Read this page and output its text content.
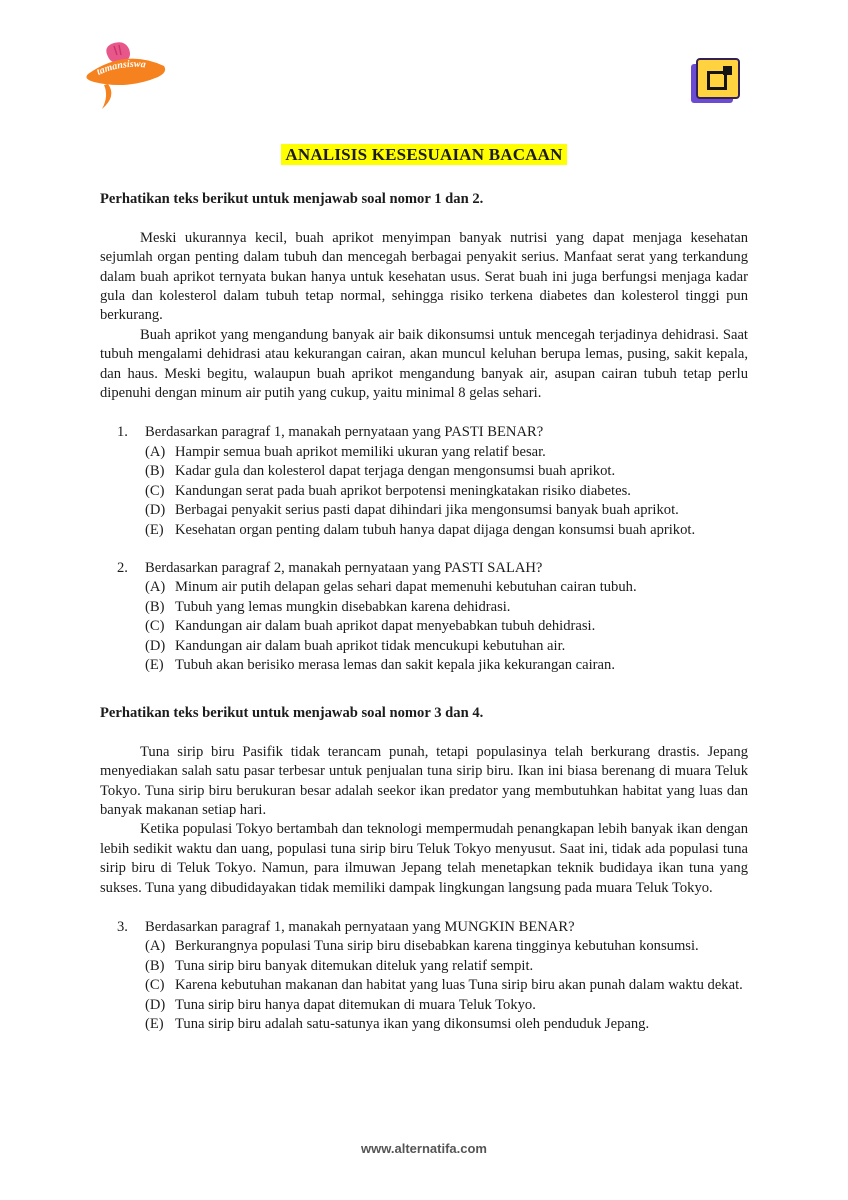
tamansiswa
ANALISIS KESESUAIAN BACAAN

Perhatikan teks berikut untuk menjawab soal nomor 1 dan 2.

Meski ukurannya kecil, buah aprikot menyimpan banyak nutrisi yang dapat menjaga kesehatan sejumlah organ penting dalam tubuh dan mencegah berbagai penyakit serius. Manfaat serat yang terkandung dalam buah aprikot ternyata bukan hanya untuk kesehatan usus. Serat buah ini juga berfungsi menjaga kadar gula dan kolesterol dalam tubuh tetap normal, sehingga risiko terkena diabetes dan kolesterol tinggi pun berkurang.

Buah aprikot yang mengandung banyak air baik dikonsumsi untuk mencegah terjadinya dehidrasi. Saat tubuh mengalami dehidrasi atau kekurangan cairan, akan muncul keluhan berupa lemas, pusing, sakit kepala, dan haus. Meski begitu, walaupun buah aprikot mengandung banyak air, asupan cairan tubuh tetap perlu dipenuhi dengan minum air putih yang cukup, yaitu minimal 8 gelas sehari.

1.	Berdasarkan paragraf 1, manakah pernyataan yang PASTI BENAR?

(A) Hampir semua buah aprikot memiliki ukuran yang relatif besar.
(B) Kadar gula dan kolesterol dapat terjaga dengan mengonsumsi buah aprikot.
(C) Kandungan serat pada buah aprikot berpotensi meningkatakan risiko diabetes.
(D) Berbagai penyakit serius pasti dapat dihindari jika mengonsumsi banyak buah aprikot.
(E) Kesehatan organ penting dalam tubuh hanya dapat dijaga dengan konsumsi buah aprikot.
2.	Berdasarkan paragraf 2, manakah pernyataan yang PASTI SALAH?

(A) Minum air putih delapan gelas sehari dapat memenuhi kebutuhan cairan tubuh.
(B) Tubuh yang lemas mungkin disebabkan karena dehidrasi.
(C) Kandungan air dalam buah aprikot dapat menyebabkan tubuh dehidrasi.
(D) Kandungan air dalam buah aprikot tidak mencukupi kebutuhan air.
(E) Tubuh akan berisiko merasa lemas dan sakit kepala jika kekurangan cairan.

Perhatikan teks berikut untuk menjawab soal nomor 3 dan 4.

Tuna sirip biru Pasifik tidak terancam punah, tetapi populasinya telah berkurang drastis. Jepang menyediakan salah satu pasar terbesar untuk penjualan tuna sirip biru. Ikan ini biasa berenang di muara Teluk Tokyo. Tuna sirip biru berukuran besar adalah seekor ikan predator yang membutuhkan habitat yang luas dan banyak makanan setiap hari.

Ketika populasi Tokyo bertambah dan teknologi mempermudah penangkapan lebih banyak ikan dengan lebih sedikit waktu dan uang, populasi tuna sirip biru Teluk Tokyo menyusut. Saat ini, tidak ada populasi tuna sirip biru di Teluk Tokyo. Namun, para ilmuwan Jepang telah menetapkan teknik budidaya ikan tuna yang sukses. Tuna yang dibudidayakan tidak memiliki dampak lingkungan langsung pada muara Teluk Tokyo.

3.	Berdasarkan paragraf 1, manakah pernyataan yang MUNGKIN BENAR?

(A) Berkurangnya populasi Tuna sirip biru disebabkan karena tingginya kebutuhan konsumsi.
(B) Tuna sirip biru banyak ditemukan diteluk yang relatif sempit.
(C) Karena kebutuhan makanan dan habitat yang luas Tuna sirip biru akan punah dalam waktu dekat.
(D) Tuna sirip biru hanya dapat ditemukan di muara Teluk Tokyo.
(E) Tuna sirip biru adalah satu-satunya ikan yang dikonsumsi oleh penduduk Jepang.
www.alternatifa.com
